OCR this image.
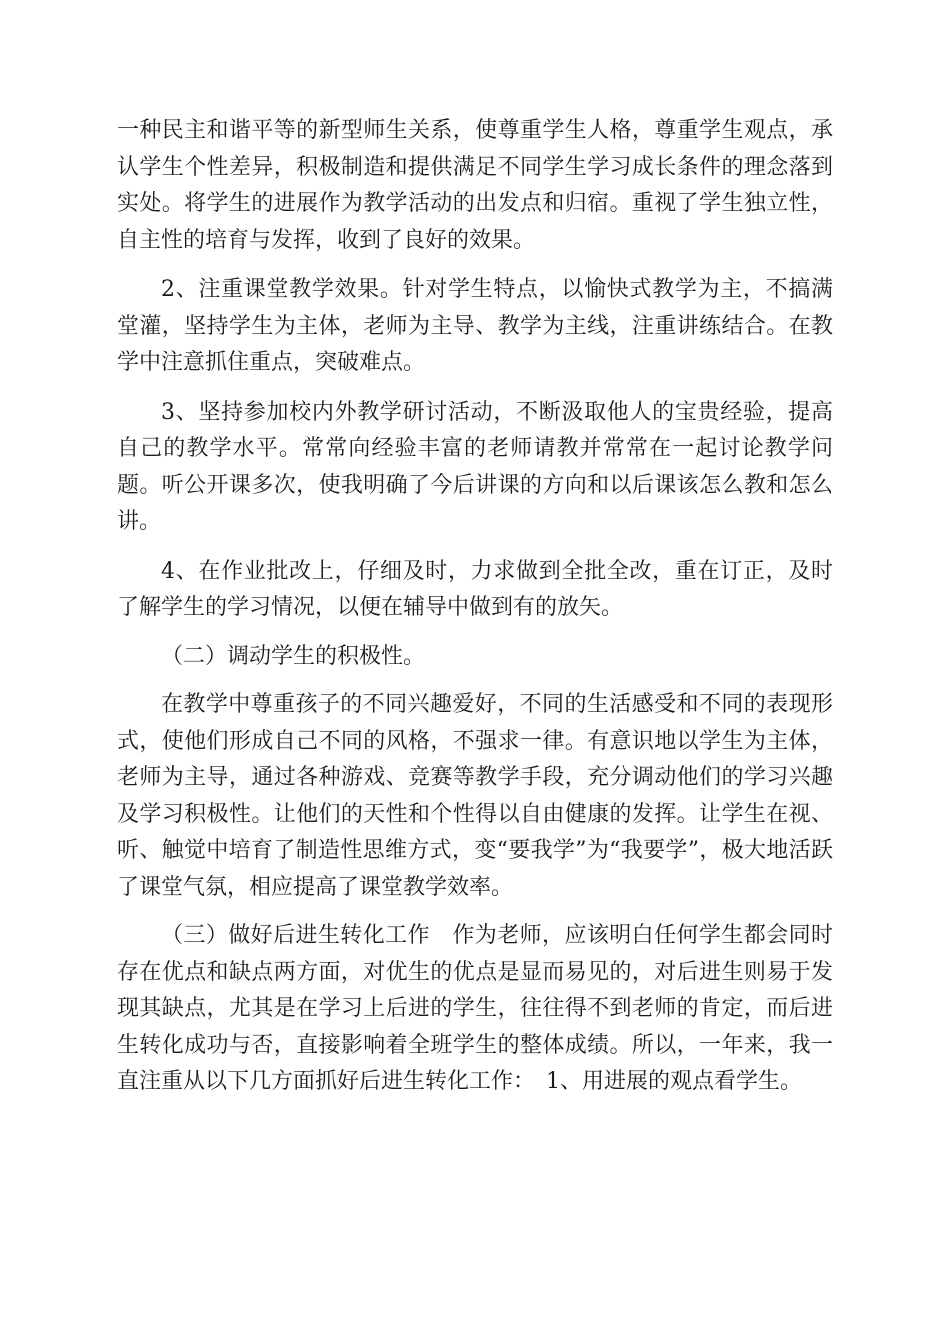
一种民主和谐平等的新型师生关系，使尊重学生人格，尊重学生观点，承认学生个性差异，积极制造和提供满足不同学生学习成长条件的理念落到实处。将学生的进展作为教学活动的出发点和归宿。重视了学生独立性，自主性的培育与发挥，收到了良好的效果。

2、注重课堂教学效果。针对学生特点，以愉快式教学为主，不搞满堂灌，坚持学生为主体，老师为主导、教学为主线，注重讲练结合。在教学中注意抓住重点，突破难点。

3、坚持参加校内外教学研讨活动，不断汲取他人的宝贵经验，提高自己的教学水平。常常向经验丰富的老师请教并常常在一起讨论教学问题。听公开课多次，使我明确了今后讲课的方向和以后课该怎么教和怎么讲。

4、在作业批改上，仔细及时，力求做到全批全改，重在订正，及时了解学生的学习情况，以便在辅导中做到有的放矢。

（二）调动学生的积极性。

在教学中尊重孩子的不同兴趣爱好，不同的生活感受和不同的表现形式，使他们形成自己不同的风格，不强求一律。有意识地以学生为主体，老师为主导，通过各种游戏、竞赛等教学手段，充分调动他们的学习兴趣及学习积极性。让他们的天性和个性得以自由健康的发挥。让学生在视、听、触觉中培育了制造性思维方式，变“要我学”为“我要学”，极大地活跃了课堂气氛，相应提高了课堂教学效率。

（三）做好后进生转化工作　作为老师，应该明白任何学生都会同时存在优点和缺点两方面，对优生的优点是显而易见的，对后进生则易于发现其缺点，尤其是在学习上后进的学生，往往得不到老师的肯定，而后进生转化成功与否，直接影响着全班学生的整体成绩。所以，一年来，我一直注重从以下几方面抓好后进生转化工作：　1、用进展的观点看学生。
